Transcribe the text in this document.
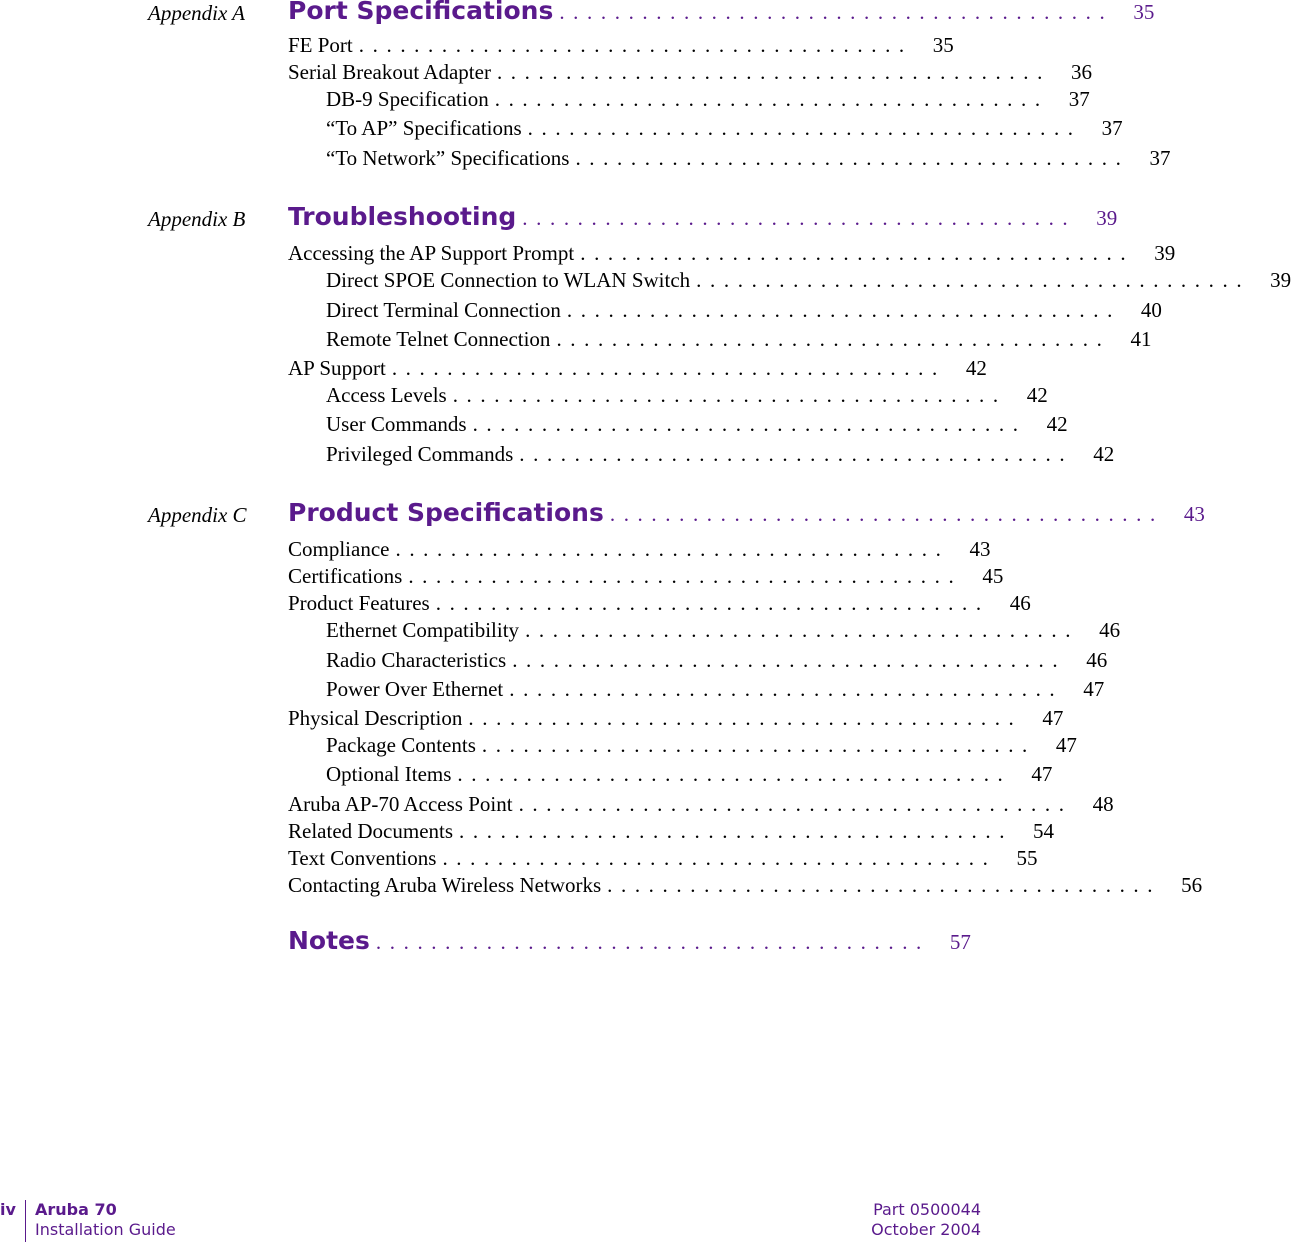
Appendix A Port Specifications ........................................ 35
FE Port ........................................ 35
Serial Breakout Adapter ........................................ 36
DB-9 Specification ........................................ 37
“To AP” Specifications ........................................ 37
“To Network” Specifications ........................................ 37
Appendix B Troubleshooting ........................................ 39
Accessing the AP Support Prompt ........................................ 39
Direct SPOE Connection to WLAN Switch ........................................ 39
Direct Terminal Connection ........................................ 40
Remote Telnet Connection ........................................ 41
AP Support ........................................ 42
Access Levels ........................................ 42
User Commands ........................................ 42
Privileged Commands ........................................ 42
Appendix C Product Specifications ........................................ 43
Compliance ........................................ 43
Certifications ........................................ 45
Product Features ........................................ 46
Ethernet Compatibility ........................................ 46
Radio Characteristics ........................................ 46
Power Over Ethernet ........................................ 47
Physical Description ........................................ 47
Package Contents ........................................ 47
Optional Items ........................................ 47
Aruba AP-70 Access Point ........................................ 48
Related Documents ........................................ 54
Text Conventions ........................................ 55
Contacting Aruba Wireless Networks ........................................ 56
Notes ........................................ 57
iv Aruba 70
Installation Guide
Part 0500044
October 2004
